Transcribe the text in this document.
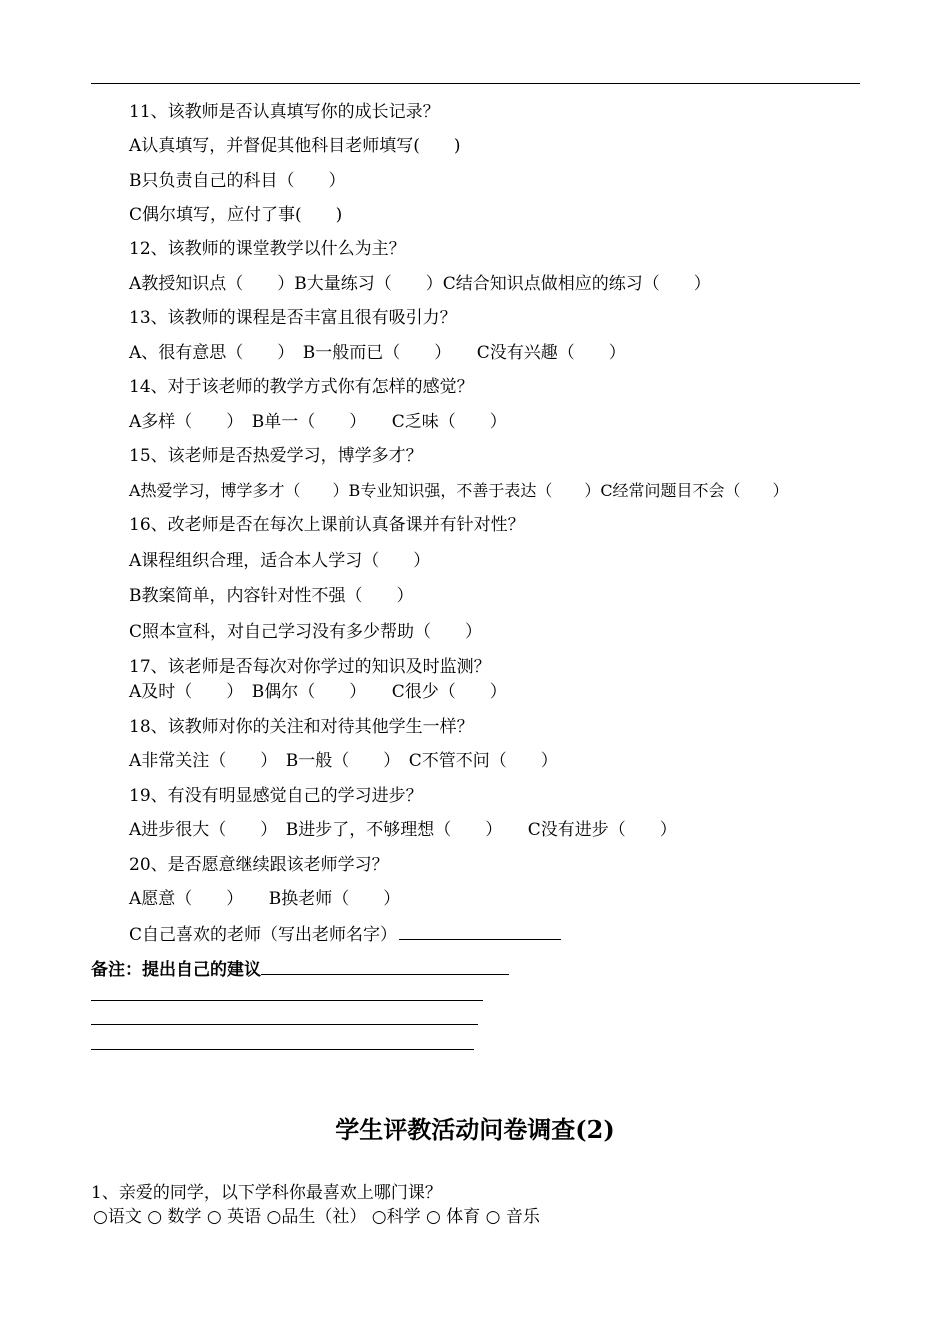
11、该教师是否认真填写你的成长记录？
A认真填写，并督促其他科目老师填写(　　)
B只负责自己的科目（　　）
C偶尔填写，应付了事(　　)
12、该教师的课堂教学以什么为主？
A教授知识点（　　）B大量练习（　　）C结合知识点做相应的练习（　　）
13、该教师的课程是否丰富且很有吸引力？
A、很有意思（　　）　B一般而已（　　）　　C没有兴趣（　　）
14、对于该老师的教学方式你有怎样的感觉？
A多样（　　）　B单一（　　）　　C乏味（　　）
15、该老师是否热爱学习，博学多才？
A热爱学习，博学多才（　　）B专业知识强，不善于表达（　　）C经常问题目不会（　　）
16、改老师是否在每次上课前认真备课并有针对性？
A课程组织合理，适合本人学习（　　）
B教案简单，内容针对性不强（　　）
C照本宣科，对自己学习没有多少帮助（　　）
17、该老师是否每次对你学过的知识及时监测？
A及时（　　）　B偶尔（　　）　　C很少（　　）
18、该教师对你的关注和对待其他学生一样？
A非常关注（　　）　B一般（　　）　C不管不问（　　）
19、有没有明显感觉自己的学习进步？
A进步很大（　　）　B进步了，不够理想（　　）　　C没有进步（　　）
20、是否愿意继续跟该老师学习？
A愿意（　　）　　B换老师（　　）
C自己喜欢的老师（写出老师名字）
备注：提出自己的建议
学生评教活动问卷调查(2)
1、亲爱的同学，以下学科你最喜欢上哪门课？
○语文 ○ 数学 ○ 英语 ○品生（社） ○科学 ○ 体育 ○ 音乐
